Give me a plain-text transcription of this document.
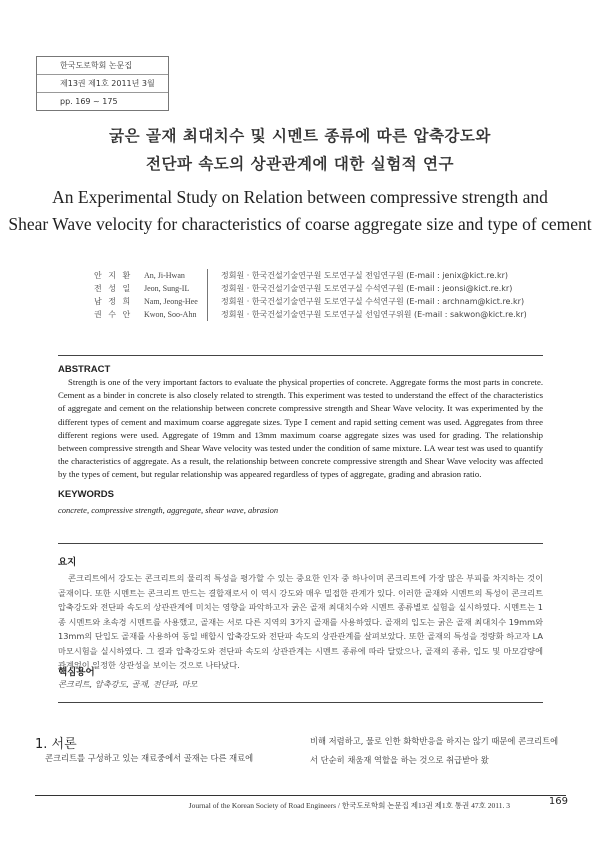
한국도로학회 논문집
제13권 제1호 2011년 3월
pp. 169 ~ 175
굵은 골재 최대치수 및 시멘트 종류에 따른 압축강도와
전단파 속도의 상관관계에 대한 실험적 연구
An Experimental Study on Relation between compressive strength and
Shear Wave velocity for characteristics of coarse aggregate size and type of cement
안 지 환 An, Ji-Hwan	정회원 · 한국건설기술연구원 도로연구실 전임연구원 (E-mail : jenix@kict.re.kr)
전 성 일 Jeon, Sung-IL	정회원 · 한국건설기술연구원 도로연구실 수석연구원 (E-mail : jeonsi@kict.re.kr)
남 정 희 Nam, Jeong-Hee	정회원 · 한국건설기술연구원 도로연구실 수석연구원 (E-mail : archnam@kict.re.kr)
권 수 안 Kwon, Soo-Ahn	정회원 · 한국건설기술연구원 도로연구실 선임연구위원 (E-mail : sakwon@kict.re.kr)
ABSTRACT
Strength is one of the very important factors to evaluate the physical properties of concrete. Aggregate forms the most parts in concrete. Cement as a binder in concrete is also closely related to strength. This experiment was tested to understand the effect of the characteristics of aggregate and cement on the relationship between concrete compressive strength and Shear Wave velocity. It was experimented by the different types of cement and maximum coarse aggregate sizes. Type Ⅰ cement and rapid setting cement was used. Aggregates from three different regions were used. Aggregate of 19mm and 13mm maximum coarse aggregate sizes was used for grading. The relationship between compressive strength and Shear Wave velocity was tested under the condition of same mixture. LA wear test was used to quantify the characteristics of aggregate. As a result, the relationship between concrete compressive strength and Shear Wave velocity was affected by the types of cement, but regular relationship was appeared regardless of types of aggregate, grading and abrasion ratio.
KEYWORDS
concrete, compressive strength, aggregate, shear wave, abrasion
요지
콘크리트에서 강도는 콘크리트의 물리적 특성을 평가할 수 있는 중요한 인자 중 하나이며 콘크리트에 가장 많은 부피를 차지하는 것이 골재이다. 또한 시멘트는 콘크리트 만드는 결합재로서 이 역시 강도와 매우 밀접한 관계가 있다. 이러한 골재와 시멘트의 특성이 콘크리트 압축강도와 전단파 속도의 상관관계에 미치는 영향을 파악하고자 굵은 골재 최대치수와 시멘트 종류별로 실험을 실시하였다. 시멘트는 1종 시멘트와 초속경 시멘트를 사용했고, 골재는 서로 다른 지역의 3가지 골재를 사용하였다. 골재의 입도는 굵은 골재 최대치수 19mm와 13mm의 단입도 골재를 사용하여 동일 배합시 압축강도와 전단파 속도의 상관관계를 살펴보았다. 또한 골재의 특성을 정량화 하고자 LA마모시험을 실시하였다. 그 결과 압축강도와 전단파 속도의 상관관계는 시멘트 종류에 따라 달랐으나, 골재의 종류, 입도 및 마모감량에 관계없이 일정한 상관성을 보이는 것으로 나타났다.
핵심용어
콘크리트, 압축강도, 골재, 전단파, 마모
1. 서론
콘크리트를 구성하고 있는 재료중에서 골재는 다른 재료에
비해 저렴하고, 물로 인한 화학반응을 하지는 않기 때문에 콘크리트에서 단순히 채움재 역할을 하는 것으로 취급받아 왔
Journal of the Korean Society of Road Engineers / 한국도로학회 논문집 제13권 제1호 통권 47호 2011. 3	169
